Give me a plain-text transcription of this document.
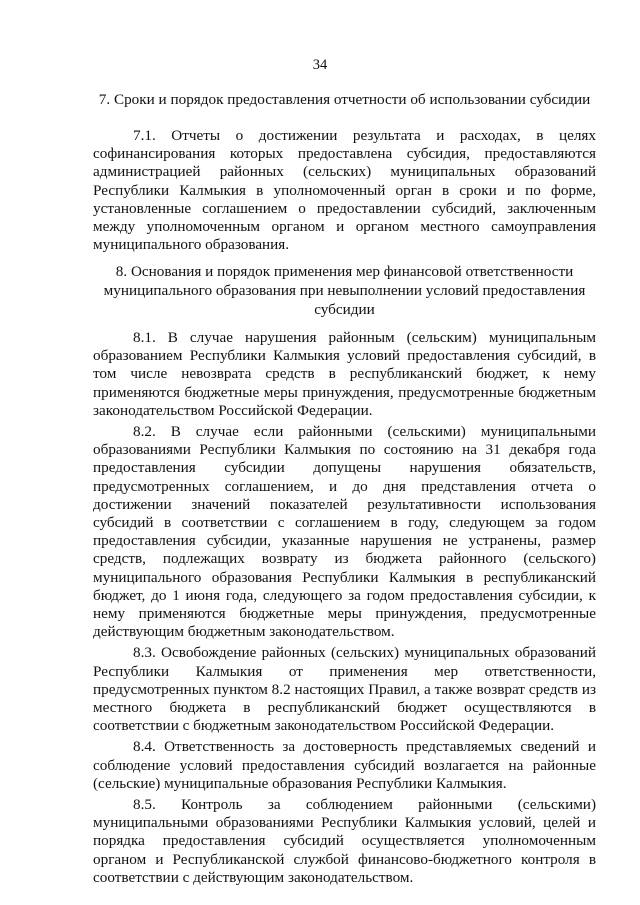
34
7. Сроки и порядок предоставления отчетности об использовании субсидии

7.1. Отчеты о достижении результата и расходах, в целях софинансирования которых предоставлена субсидия, предоставляются администрацией районных (сельских) муниципальных образований Республики Калмыкия в уполномоченный орган в сроки и по форме, установленные соглашением о предоставлении субсидий, заключенным между уполномоченным органом и органом местного самоуправления муниципального образования.

8. Основания и порядок применения мер финансовой ответственности муниципального образования при невыполнении условий предоставления субсидии

8.1. В случае нарушения районным (сельским) муниципальным образованием Республики Калмыкия условий предоставления субсидий, в том числе невозврата средств в республиканский бюджет, к нему применяются бюджетные меры принуждения, предусмотренные бюджетным законодательством Российской Федерации.

8.2. В случае если районными (сельскими) муниципальными образованиями Республики Калмыкия по состоянию на 31 декабря года предоставления субсидии допущены нарушения обязательств, предусмотренных соглашением, и до дня представления отчета о достижении значений показателей результативности использования субсидий в соответствии с соглашением в году, следующем за годом предоставления субсидии, указанные нарушения не устранены, размер средств, подлежащих возврату из бюджета районного (сельского) муниципального образования Республики Калмыкия в республиканский бюджет, до 1 июня года, следующего за годом предоставления субсидии, к нему применяются бюджетные меры принуждения, предусмотренные действующим бюджетным законодательством.

8.3. Освобождение районных (сельских) муниципальных образований Республики Калмыкия от применения мер ответственности, предусмотренных пунктом 8.2 настоящих Правил, а также возврат средств из местного бюджета в республиканский бюджет осуществляются в соответствии с бюджетным законодательством Российской Федерации.

8.4. Ответственность за достоверность представляемых сведений и соблюдение условий предоставления субсидий возлагается на районные (сельские) муниципальные образования Республики Калмыкия.

8.5. Контроль за соблюдением районными (сельскими) муниципальными образованиями Республики Калмыкия условий, целей и порядка предоставления субсидий осуществляется уполномоченным органом и Республиканской службой финансово-бюджетного контроля в соответствии с действующим законодательством.
